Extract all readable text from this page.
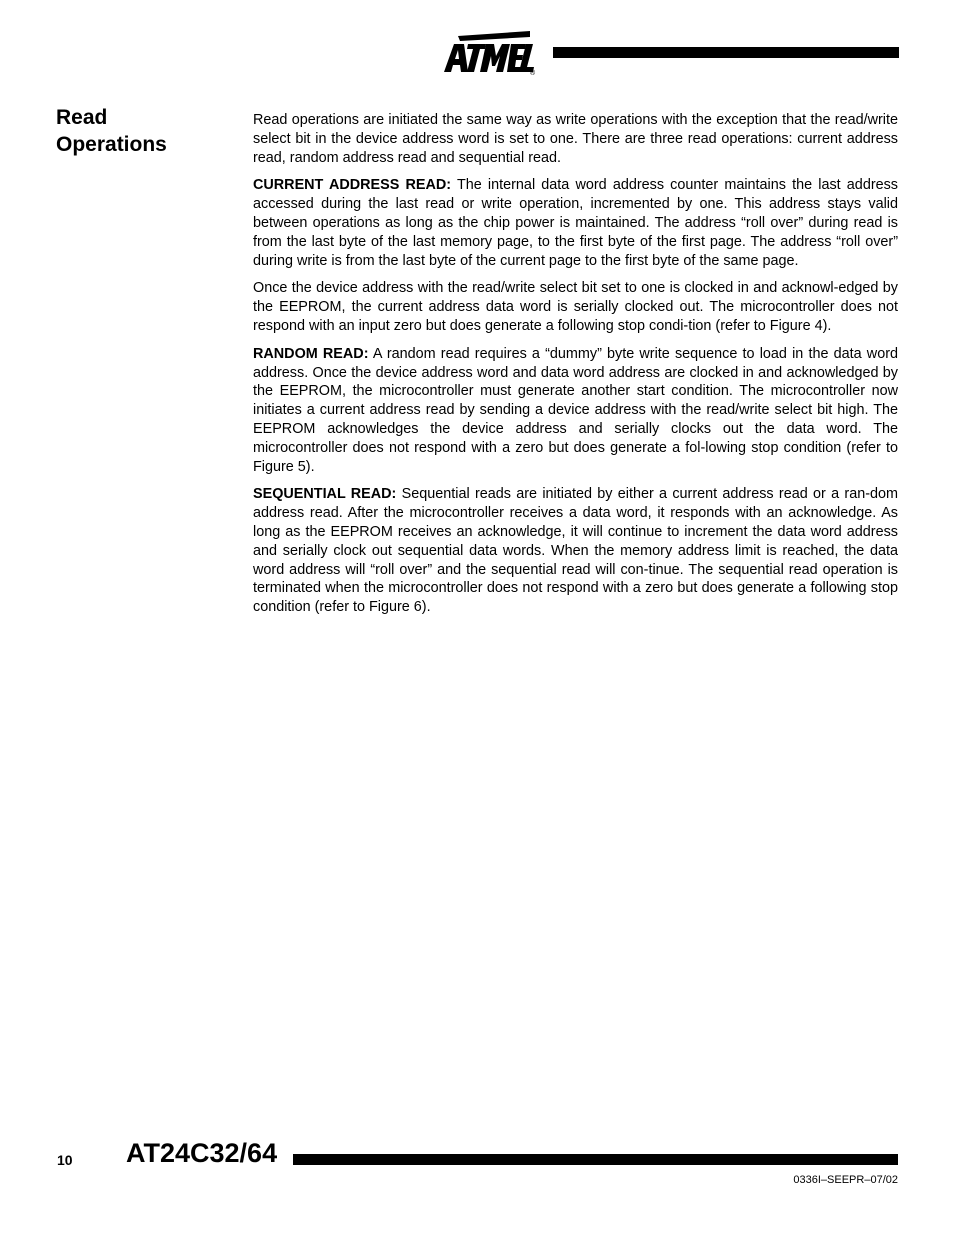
®
Read
Operations

Read operations are initiated the same way as write operations with the exception that the read/write select bit in the device address word is set to one. There are three read operations: current address read, random address read and sequential read.

CURRENT ADDRESS READ: The internal data word address counter maintains the last address accessed during the last read or write operation, incremented by one. This address stays valid between operations as long as the chip power is maintained. The address “roll over” during read is from the last byte of the last memory page, to the first byte of the first page. The address “roll over” during write is from the last byte of the current page to the first byte of the same page.

Once the device address with the read/write select bit set to one is clocked in and acknowl-edged by the EEPROM, the current address data word is serially clocked out. The microcontroller does not respond with an input zero but does generate a following stop condi-tion (refer to Figure 4).

RANDOM READ: A random read requires a “dummy” byte write sequence to load in the data word address. Once the device address word and data word address are clocked in and acknowledged by the EEPROM, the microcontroller must generate another start condition. The microcontroller now initiates a current address read by sending a device address with the read/write select bit high. The EEPROM acknowledges the device address and serially clocks out the data word. The microcontroller does not respond with a zero but does generate a fol-lowing stop condition (refer to Figure 5).

SEQUENTIAL READ: Sequential reads are initiated by either a current address read or a ran-dom address read. After the microcontroller receives a data word, it responds with an acknowledge. As long as the EEPROM receives an acknowledge, it will continue to increment the data word address and serially clock out sequential data words. When the memory address limit is reached, the data word address will “roll over” and the sequential read will con-tinue. The sequential read operation is terminated when the microcontroller does not respond with a zero but does generate a following stop condition (refer to Figure 6).

10 AT24C32/64
0336I–SEEPR–07/02
